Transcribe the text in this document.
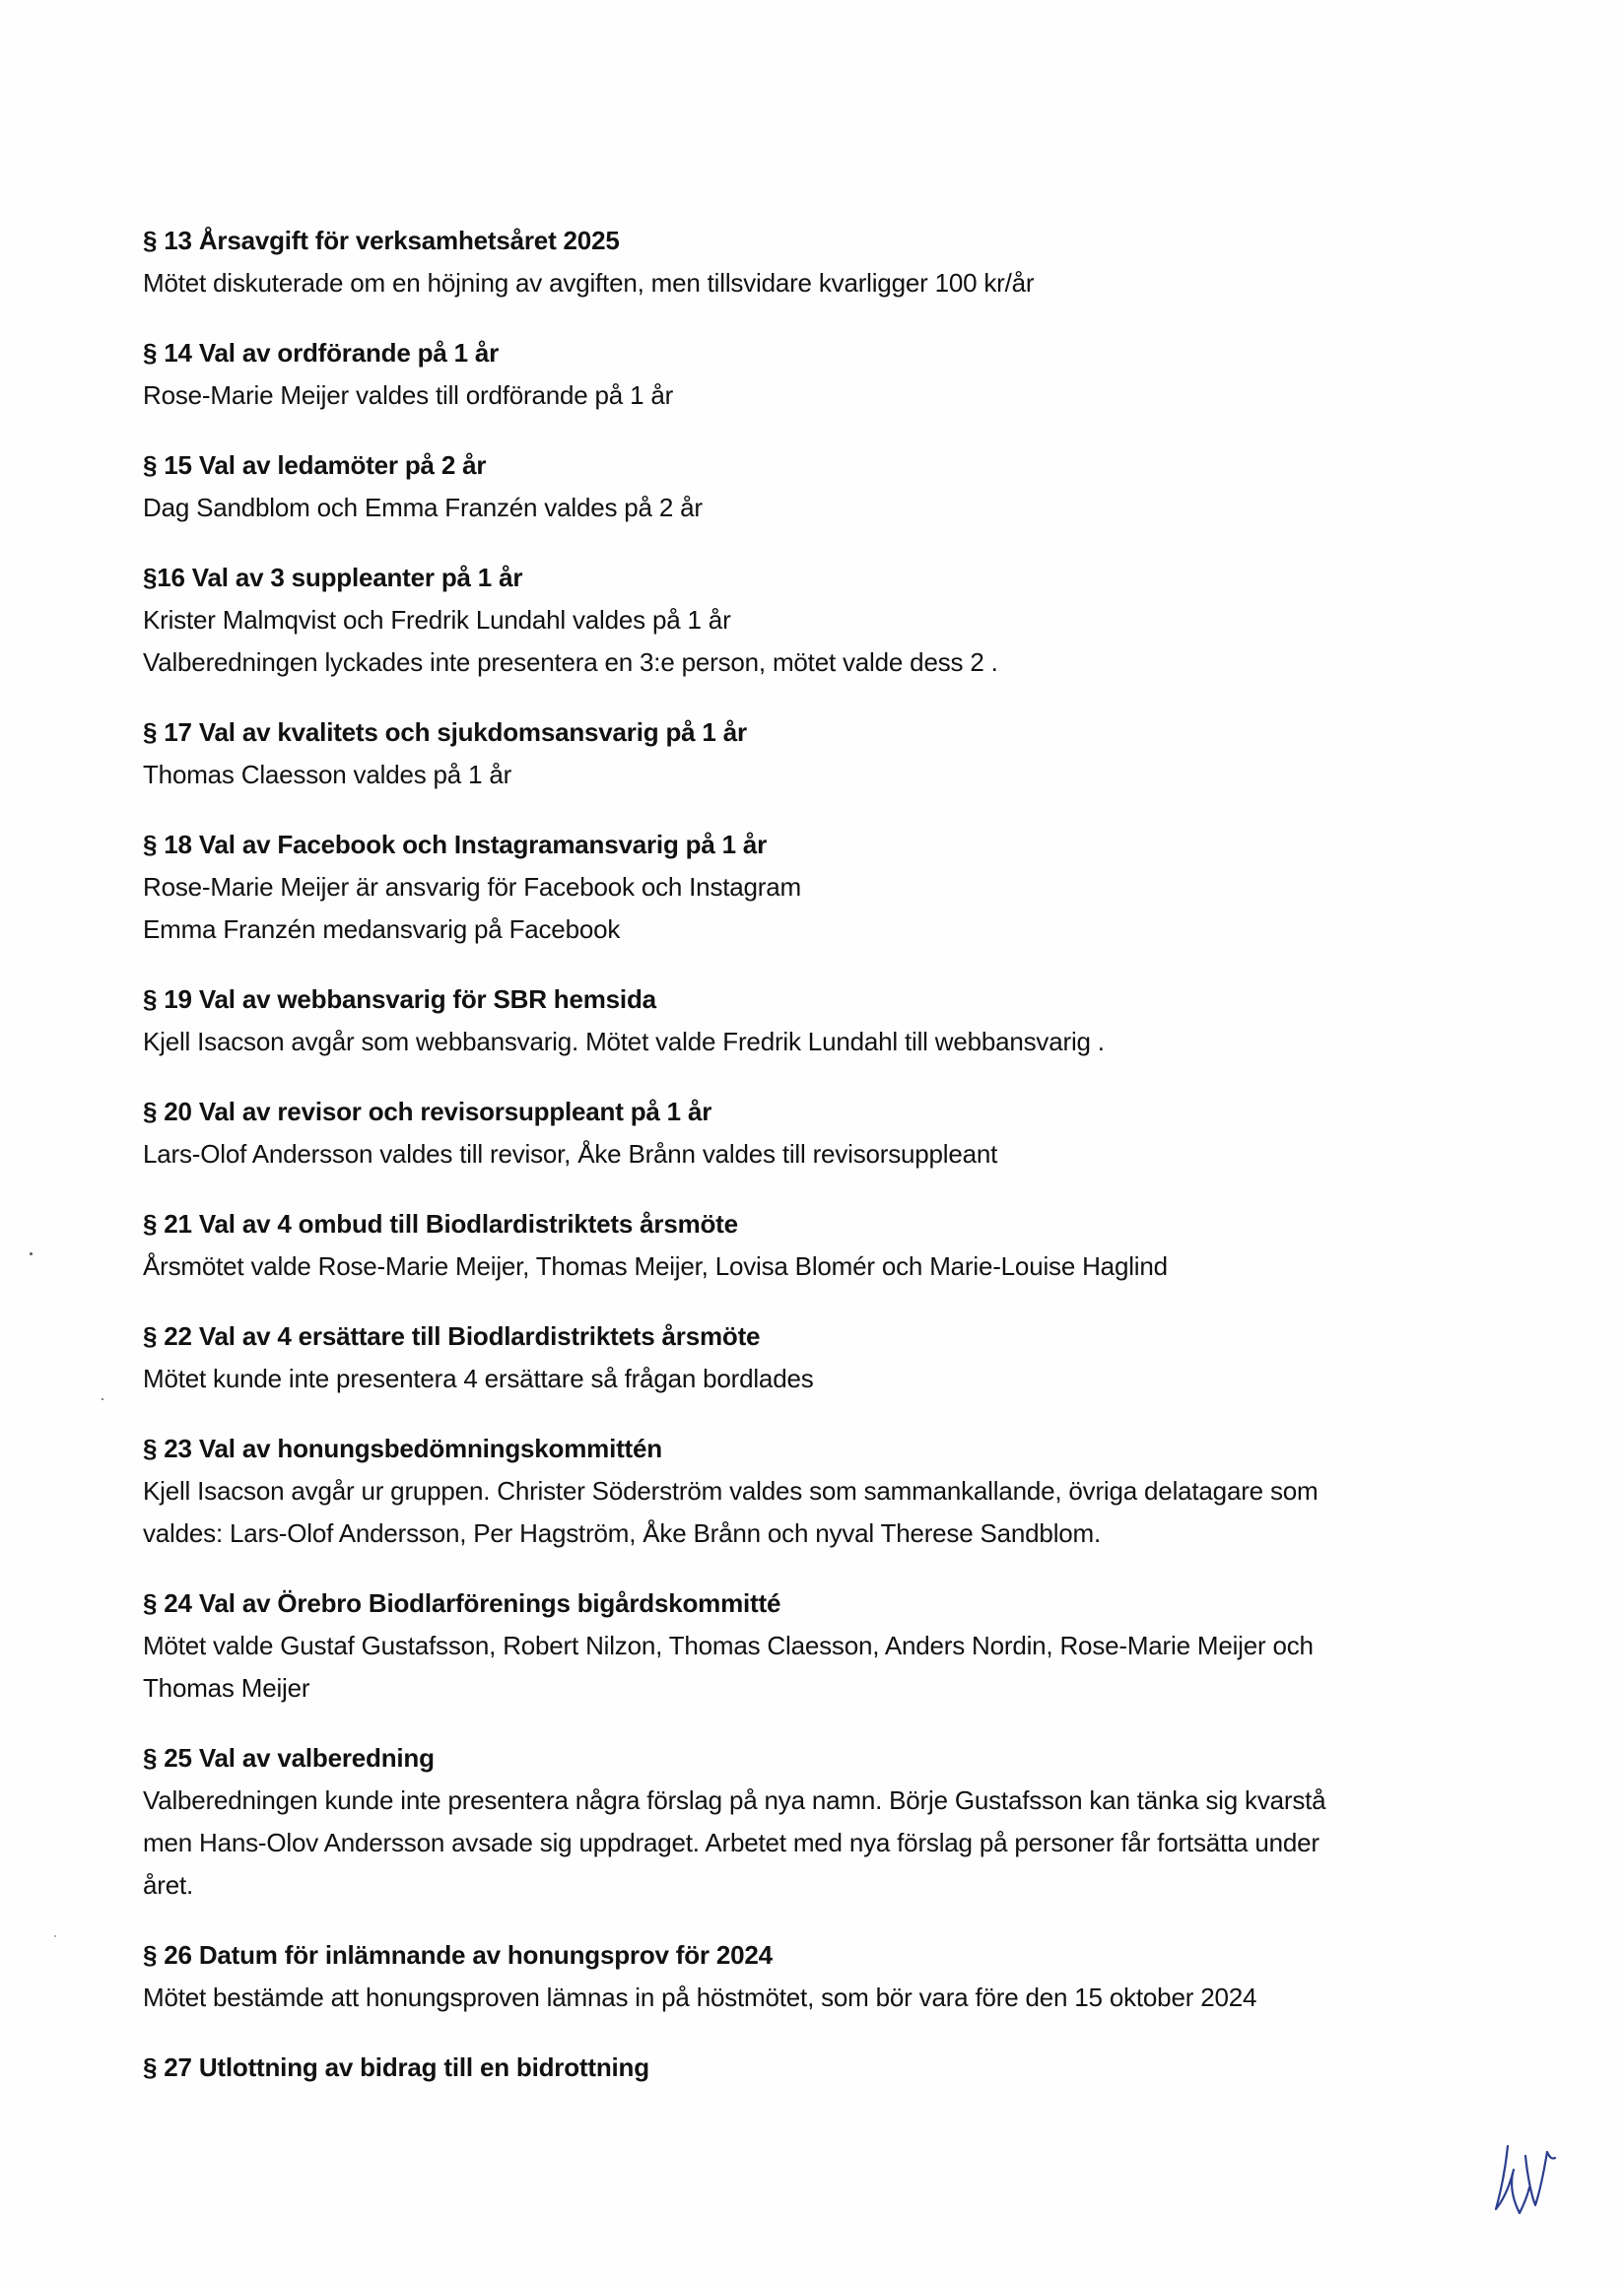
§ 13 Årsavgift för verksamhetsåret 2025

Mötet diskuterade om en höjning av avgiften, men tillsvidare kvarligger 100 kr/år

§ 14 Val av ordförande på 1 år

Rose-Marie Meijer valdes till ordförande på 1 år

§ 15 Val av ledamöter på 2 år

Dag Sandblom och Emma Franzén valdes på 2 år

§16 Val av 3 suppleanter på 1 år

Krister Malmqvist och Fredrik Lundahl valdes på 1 år

Valberedningen lyckades inte presentera en 3:e person, mötet valde dess 2 .

§ 17 Val av kvalitets och sjukdomsansvarig på 1 år

Thomas Claesson valdes på 1 år

§ 18 Val av Facebook och Instagramansvarig på 1 år

Rose-Marie Meijer är ansvarig för Facebook och Instagram

Emma Franzén medansvarig på Facebook

§ 19 Val av webbansvarig för SBR hemsida

Kjell Isacson avgår som webbansvarig. Mötet valde Fredrik Lundahl till webbansvarig .

§ 20 Val av revisor och revisorsuppleant på 1 år

Lars-Olof Andersson valdes till revisor, Åke Brånn valdes till revisorsuppleant

§ 21 Val av 4 ombud till Biodlardistriktets årsmöte

Årsmötet valde Rose-Marie Meijer, Thomas Meijer, Lovisa Blomér och Marie-Louise Haglind

§ 22 Val av 4 ersättare till Biodlardistriktets årsmöte

Mötet kunde inte presentera 4 ersättare så frågan bordlades

§ 23 Val av honungsbedömningskommittén

Kjell Isacson avgår ur gruppen. Christer Söderström valdes som sammankallande, övriga delatagare som

valdes: Lars-Olof Andersson, Per Hagström, Åke Brånn och nyval Therese Sandblom.

§ 24 Val av Örebro Biodlarförenings bigårdskommitté

Mötet valde Gustaf Gustafsson, Robert Nilzon, Thomas Claesson, Anders Nordin, Rose-Marie Meijer och

Thomas Meijer

§ 25 Val av valberedning

Valberedningen kunde inte presentera några förslag på nya namn. Börje Gustafsson kan tänka sig kvarstå

men Hans-Olov Andersson avsade sig uppdraget. Arbetet med nya förslag på personer får fortsätta under

året.

§ 26 Datum för inlämnande av honungsprov för 2024

Mötet bestämde att honungsproven lämnas in på höstmötet, som bör vara före den 15 oktober 2024

§ 27 Utlottning av bidrag till en bidrottning
